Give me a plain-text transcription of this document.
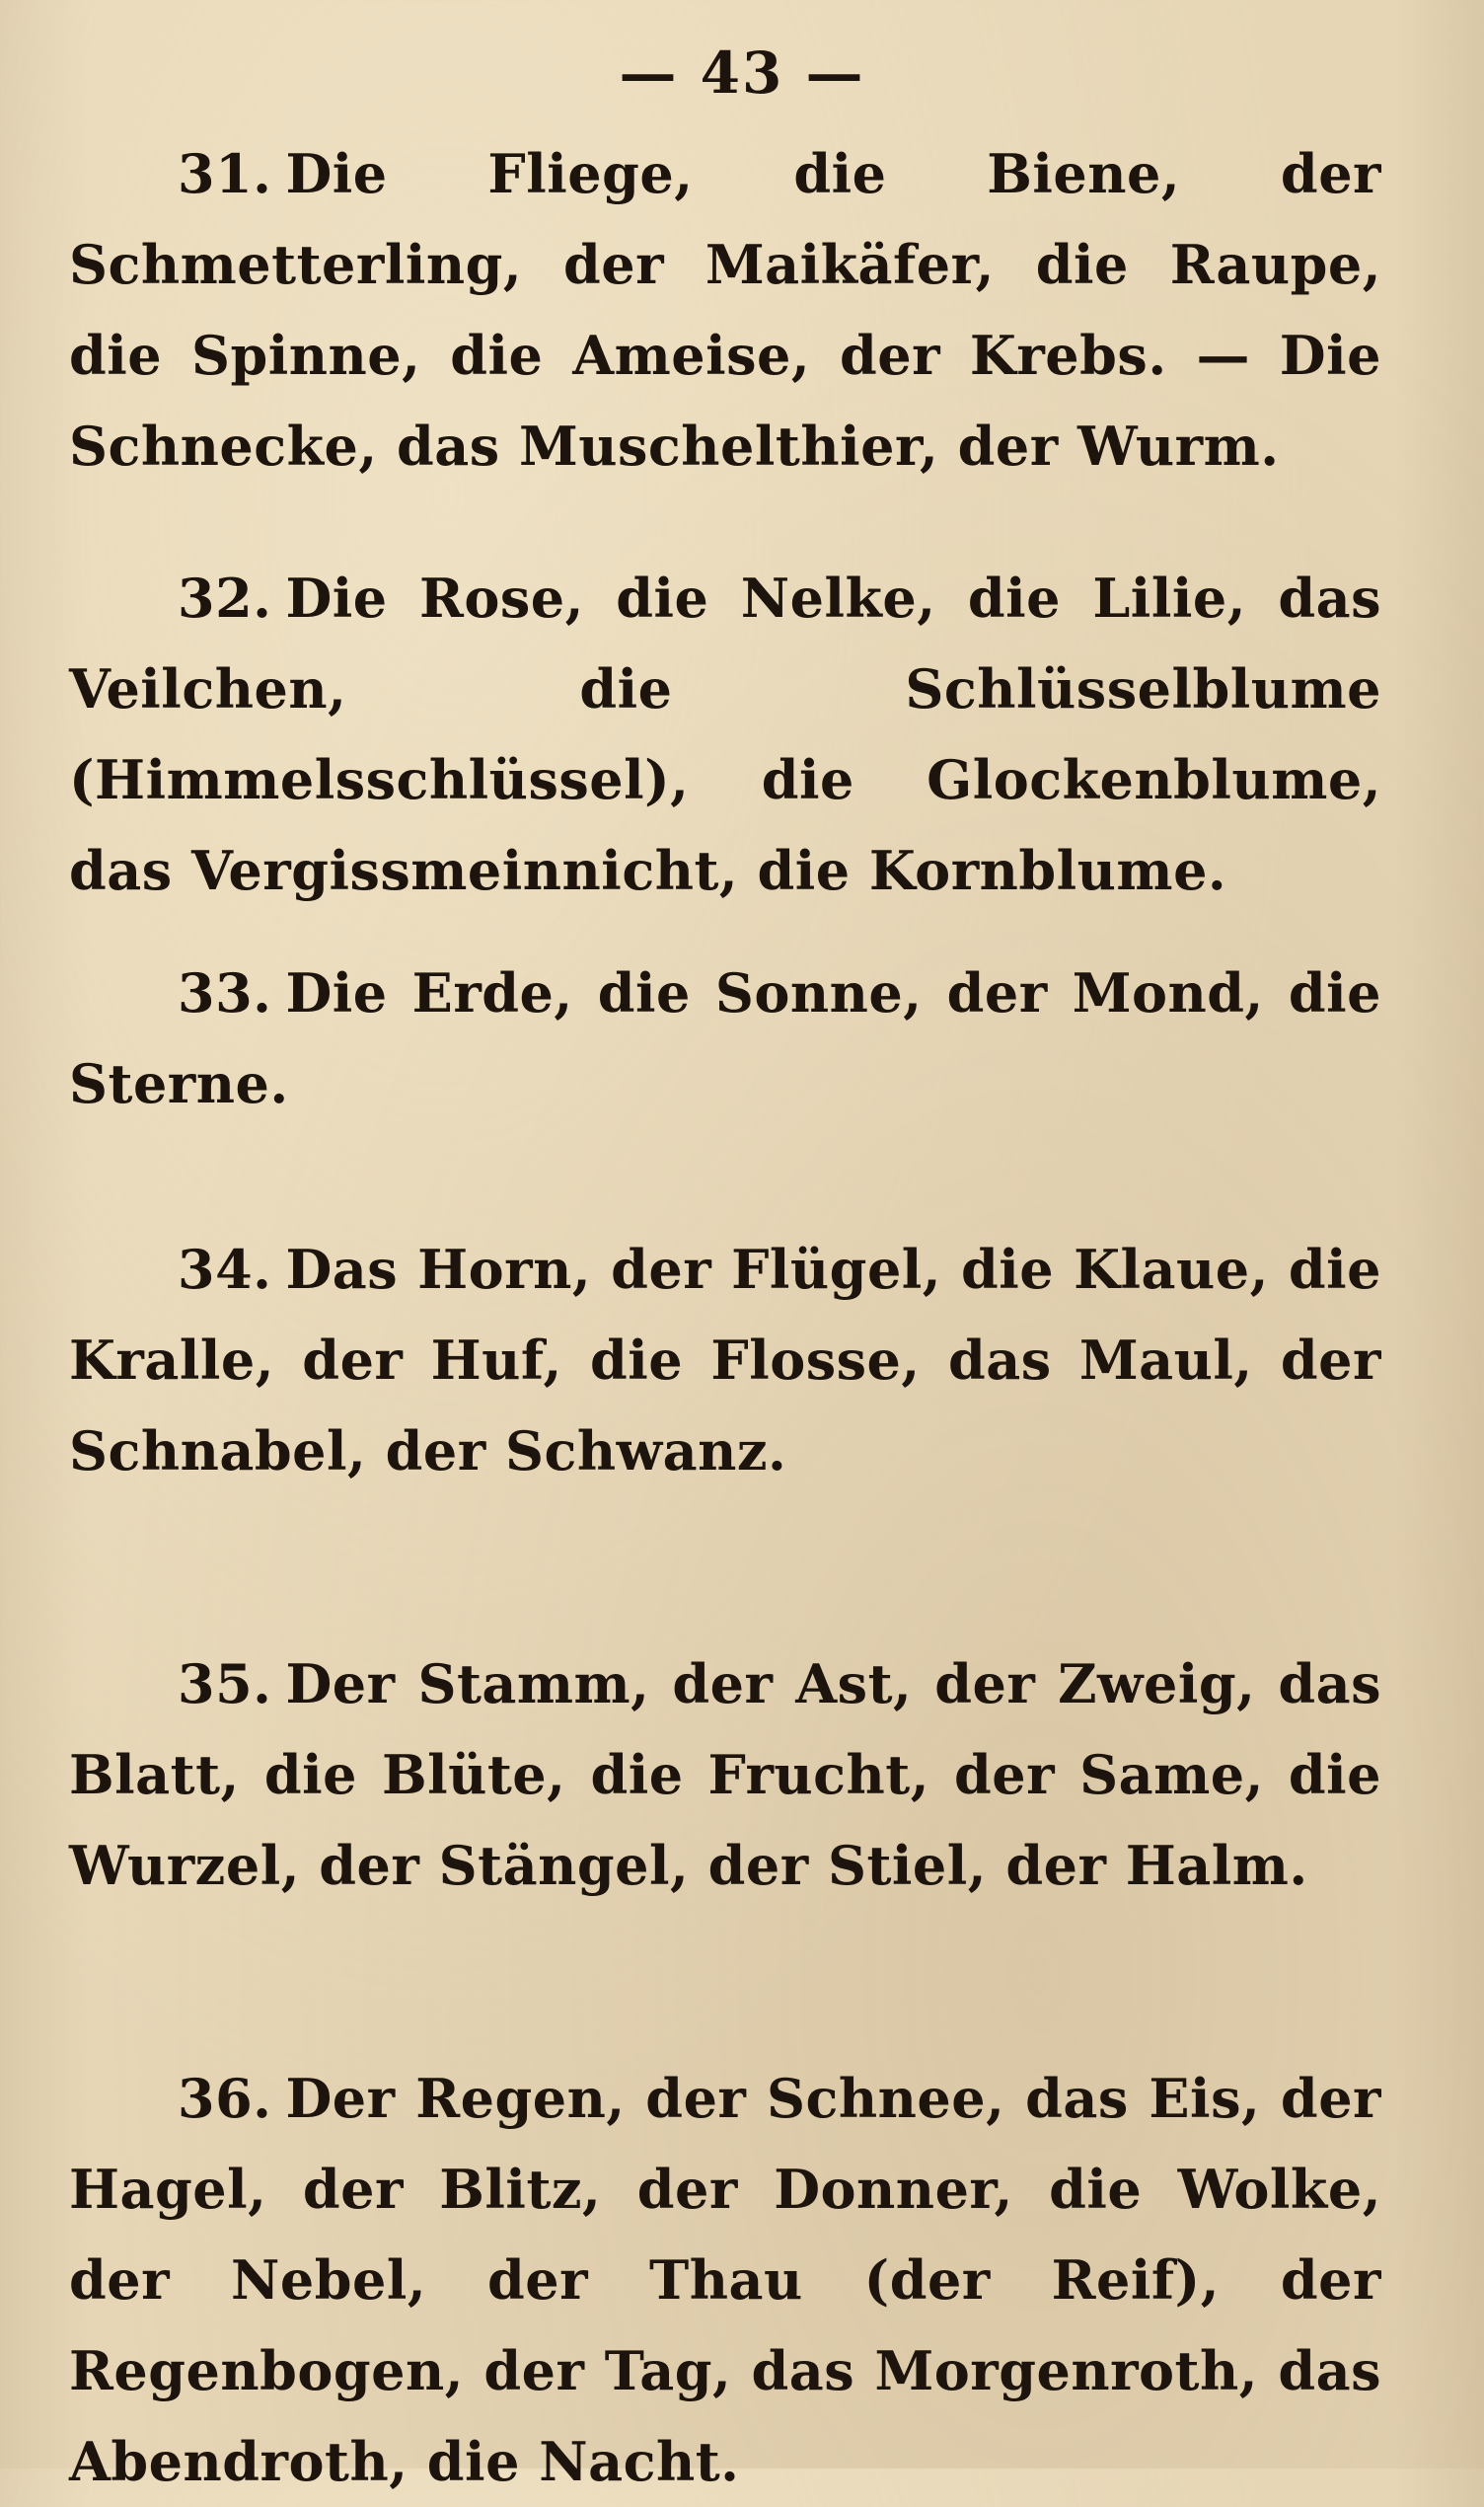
— 43 —

31. Die Fliege, die Biene, der Schmetterling, der Maikäfer, die Raupe, die Spinne, die Ameise, der Krebs. — Die Schnecke, das Muschelthier, der Wurm.

32. Die Rose, die Nelke, die Lilie, das Veilchen, die Schlüsselblume (Himmelsschlüssel), die Glockenblume, das Vergissmeinnicht, die Kornblume.

33. Die Erde, die Sonne, der Mond, die Sterne.

34. Das Horn, der Flügel, die Klaue, die Kralle, der Huf, die Flosse, das Maul, der Schnabel, der Schwanz.

35. Der Stamm, der Ast, der Zweig, das Blatt, die Blüte, die Frucht, der Same, die Wurzel, der Stängel, der Stiel, der Halm.

36. Der Regen, der Schnee, das Eis, der Hagel, der Blitz, der Donner, die Wolke, der Nebel, der Thau (der Reif), der Regenbogen, der Tag, das Morgenroth, das Abendroth, die Nacht.
